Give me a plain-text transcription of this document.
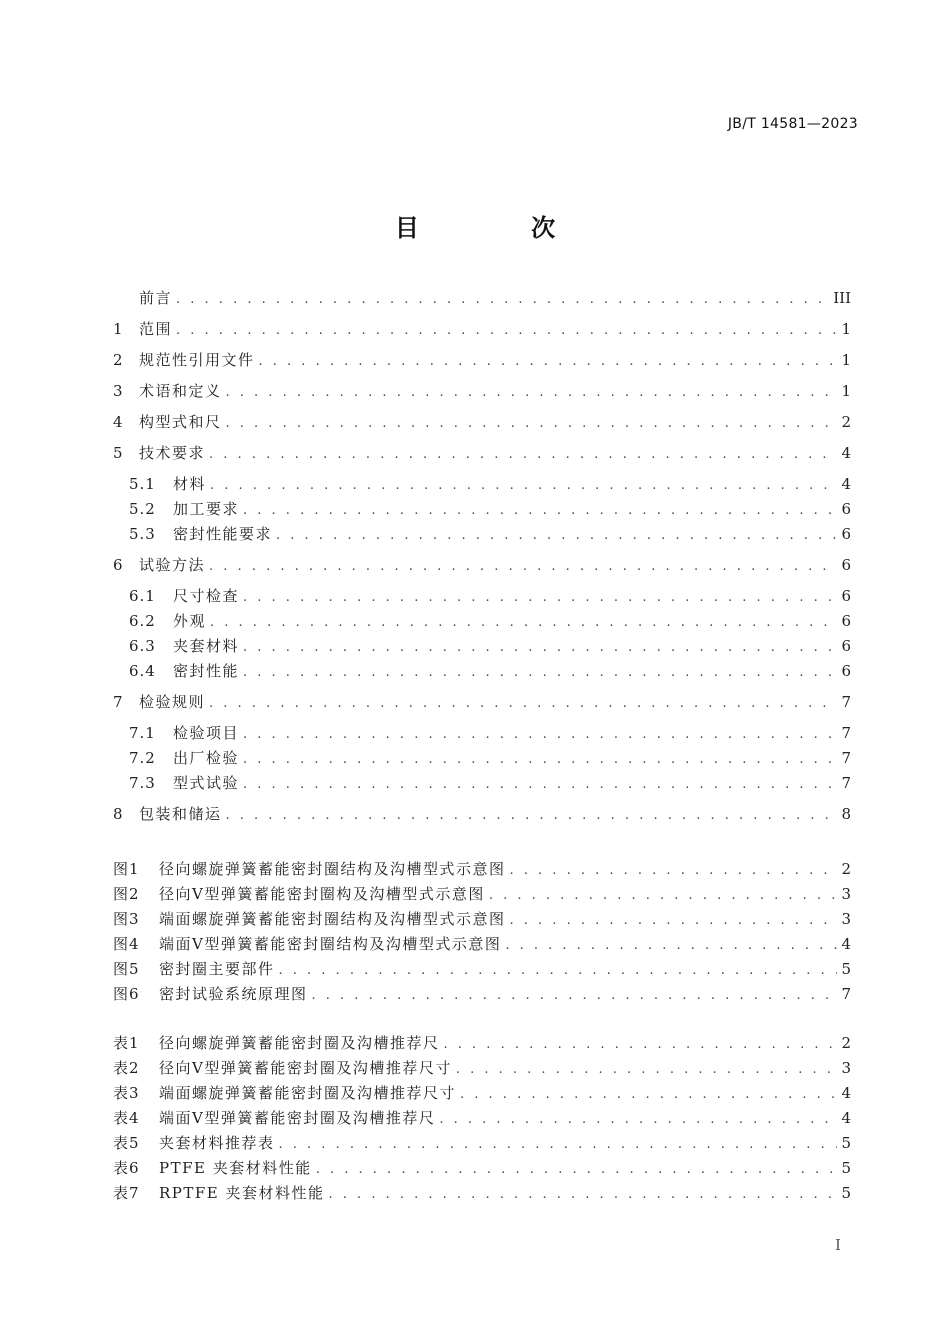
JB/T 14581—2023
目 次
前言 . . .	III
1	范围 . . .	1
2	规范性引用文件 . . .	1
3	术语和定义 . . .	1
4	构型式和尺 . . .	2
5	技术要求 . . .	4
5.1	材料 . . .	4
5.2	加工要求 . . .	6
5.3	密封性能要求 . . .	6
6	试验方法 . . .	6
6.1	尺寸检查 . . .	6
6.2	外观 . . .	6
6.3	夹套材料 . . .	6
6.4	密封性能 . . .	6
7	检验规则 . . .	7
7.1	检验项目 . . .	7
7.2	出厂检验 . . .	7
7.3	型式试验 . . .	7
8	包装和储运 . . .	8
图1	径向螺旋弹簧蓄能密封圈结构及沟槽型式示意图 . . .	2
图2	径向V型弹簧蓄能密封圈构及沟槽型式示意图 . . .	3
图3	端面螺旋弹簧蓄能密封圈结构及沟槽型式示意图 . . .	3
图4	端面V型弹簧蓄能密封圈结构及沟槽型式示意图 . . .	4
图5	密封圈主要部件 . . .	5
图6	密封试验系统原理图 . . .	7
表1	径向螺旋弹簧蓄能密封圈及沟槽推荐尺 . . .	2
表2	径向V型弹簧蓄能密封圈及沟槽推荐尺寸 . . .	3
表3	端面螺旋弹簧蓄能密封圈及沟槽推荐尺寸 . . .	4
表4	端面V型弹簧蓄能密封圈及沟槽推荐尺 . . .	4
表5	夹套材料推荐表 . . .	5
表6	PTFE 夹套材料性能 . . .	5
表7	RPTFE 夹套材料性能 . . .	5
I
